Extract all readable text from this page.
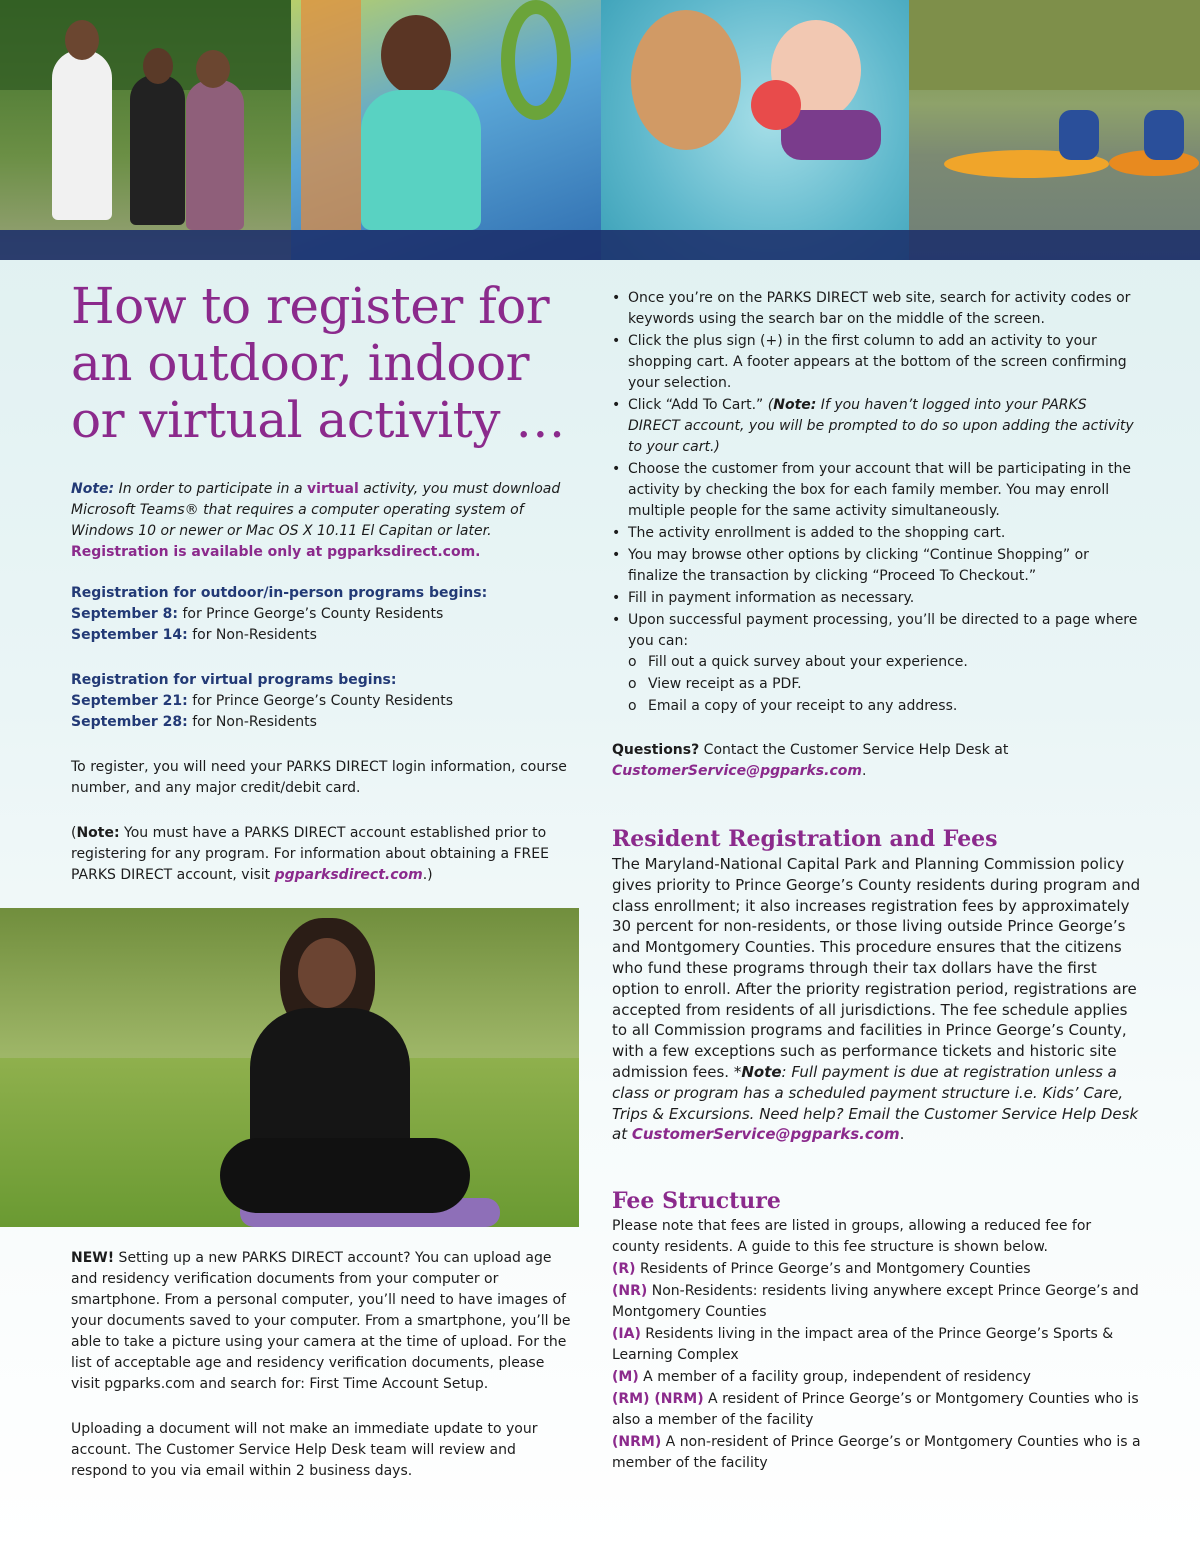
How to register for an outdoor, indoor or virtual activity …

Note: In order to participate in a virtual activity, you must download Microsoft Teams® that requires a computer operating system of Windows 10 or newer or Mac OS X 10.11 El Capitan or later. Registration is available only at pgparksdirect.com.

Registration for outdoor/in-person programs begins:
September 8: for Prince George’s County Residents
September 14: for Non-Residents
Registration for virtual programs begins:
September 21: for Prince George’s County Residents
September 28: for Non-Residents

To register, you will need your PARKS DIRECT login information, course number, and any major credit/debit card.

(Note: You must have a PARKS DIRECT account established prior to registering for any program. For information about obtaining a FREE PARKS DIRECT account, visit pgparksdirect.com.)

NEW! Setting up a new PARKS DIRECT account? You can upload age and residency verification documents from your computer or smartphone. From a personal computer, you’ll need to have images of your documents saved to your computer. From a smartphone, you’ll be able to take a picture using your camera at the time of upload. For the list of acceptable age and residency verification documents, please visit pgparks.com and search for: First Time Account Setup.

Uploading a document will not make an immediate update to your account. The Customer Service Help Desk team will review and respond to you via email within 2 business days.

• Once you’re on the PARKS DIRECT web site, search for activity codes or keywords using the search bar on the middle of the screen.
• Click the plus sign (+) in the first column to add an activity to your shopping cart. A footer appears at the bottom of the screen confirming your selection.
• Click “Add To Cart.” (Note: If you haven’t logged into your PARKS DIRECT account, you will be prompted to do so upon adding the activity to your cart.)
• Choose the customer from your account that will be participating in the activity by checking the box for each family member. You may enroll multiple people for the same activity simultaneously.
• The activity enrollment is added to the shopping cart.
• You may browse other options by clicking “Continue Shopping” or finalize the transaction by clicking “Proceed To Checkout.”
• Fill in payment information as necessary.
• Upon successful payment processing, you’ll be directed to a page where you can:
o Fill out a quick survey about your experience.
o View receipt as a PDF.
o Email a copy of your receipt to any address.

Questions? Contact the Customer Service Help Desk at
CustomerService@pgparks.com.

Resident Registration and Fees

The Maryland-National Capital Park and Planning Commission policy gives priority to Prince George’s County residents during program and class enrollment; it also increases registration fees by approximately 30 percent for non-residents, or those living outside Prince George’s and Montgomery Counties. This procedure ensures that the citizens who fund these programs through their tax dollars have the first option to enroll. After the priority registration period, registrations are accepted from residents of all jurisdictions. The fee schedule applies to all Commission programs and facilities in Prince George’s County, with a few exceptions such as performance tickets and historic site admission fees. *Note: Full payment is due at registration unless a class or program has a scheduled payment structure i.e. Kids’ Care, Trips & Excursions. Need help? Email the Customer Service Help Desk at CustomerService@pgparks.com.

Fee Structure

Please note that fees are listed in groups, allowing a reduced fee for county residents. A guide to this fee structure is shown below.

(R) Residents of Prince George’s and Montgomery Counties

(NR) Non-Residents: residents living anywhere except Prince George’s and Montgomery Counties

(IA) Residents living in the impact area of the Prince George’s Sports & Learning Complex

(M) A member of a facility group, independent of residency

(RM) (NRM) A resident of Prince George’s or Montgomery Counties who is also a member of the facility

(NRM) A non-resident of Prince George’s or Montgomery Counties who is a member of the facility
